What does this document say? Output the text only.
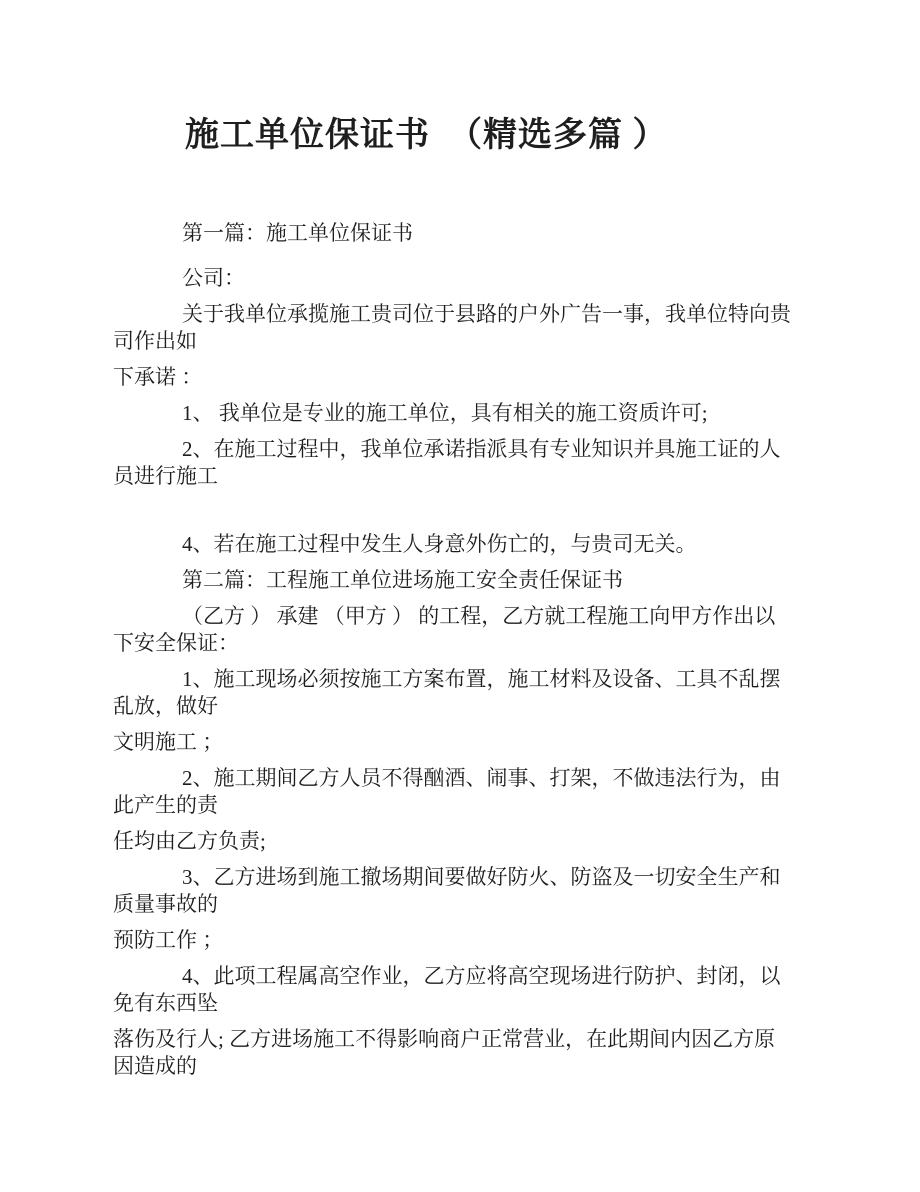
施工单位保证书　（精选多篇 ）
第一篇：施工单位保证书
公司：
关于我单位承揽施工贵司位于县路的户外广告一事，我单位特向贵
司作出如
下承诺 ：
1、 我单位是专业的施工单位，具有相关的施工资质许可;
2、在施工过程中，我单位承诺指派具有专业知识并具施工证的人
员进行施工
4、若在施工过程中发生人身意外伤亡的，与贵司无关。
第二篇：工程施工单位进场施工安全责任保证书
（乙方 ） 承建 （甲方 ） 的工程，乙方就工程施工向甲方作出以
下安全保证：
1、施工现场必须按施工方案布置，施工材料及设备、工具不乱摆
乱放，做好
文明施工 ；
2、施工期间乙方人员不得酗酒、闹事、打架，不做违法行为，由
此产生的责
任均由乙方负责;
3、乙方进场到施工撤场期间要做好防火、防盗及一切安全生产和
质量事故的
预防工作 ；
4、此项工程属高空作业，乙方应将高空现场进行防护、封闭，以
免有东西坠
落伤及行人; 乙方进场施工不得影响商户正常营业，在此期间内因乙方原
因造成的
